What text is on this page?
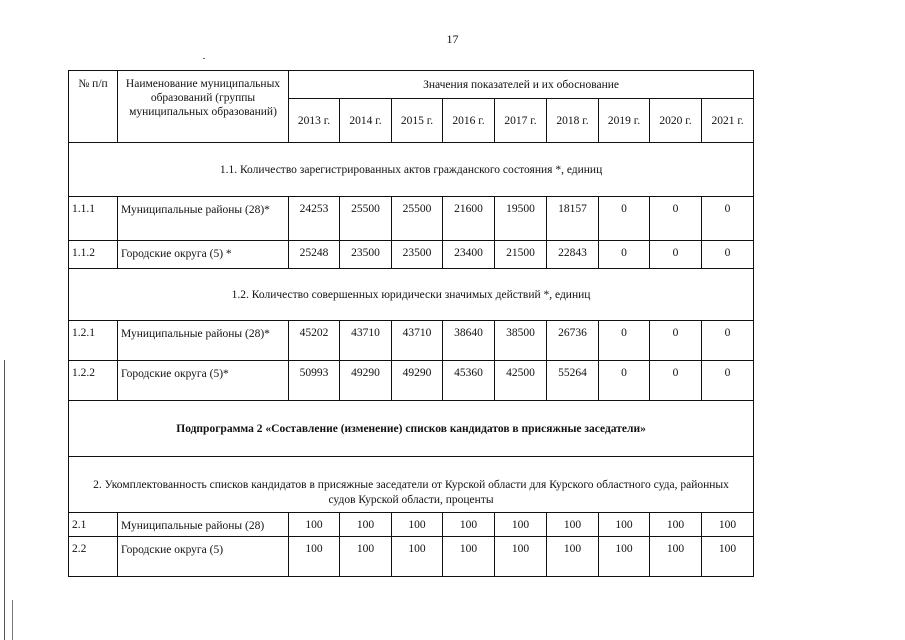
17
№ п/п	Наименование муниципальных образований (группы муниципальных образований)	Значения показателей и их обоснование								
		2013 г.	2014 г.	2015 г.	2016 г.	2017 г.	2018 г.	2019 г.	2020 г.	2021 г.
1.1. Количество зарегистрированных актов гражданского состояния *, единиц										
1.1.1	Муниципальные районы (28)*	24253	25500	25500	21600	19500	18157	0	0	0
1.1.2	Городские округа (5) *	25248	23500	23500	23400	21500	22843	0	0	0
1.2. Количество совершенных юридически значимых действий *, единиц										
1.2.1	Муниципальные районы (28)*	45202	43710	43710	38640	38500	26736	0	0	0
1.2.2	Городские округа (5)*	50993	49290	49290	45360	42500	55264	0	0	0
Подпрограмма 2 «Составление (изменение) списков кандидатов в присяжные заседатели»										
2. Укомплектованность списков кандидатов в присяжные заседатели от Курской области для Курского областного суда, районных судов Курской области, проценты										
2.1	Муниципальные районы (28)	100	100	100	100	100	100	100	100	100
2.2	Городские округа (5)	100	100	100	100	100	100	100	100	100
